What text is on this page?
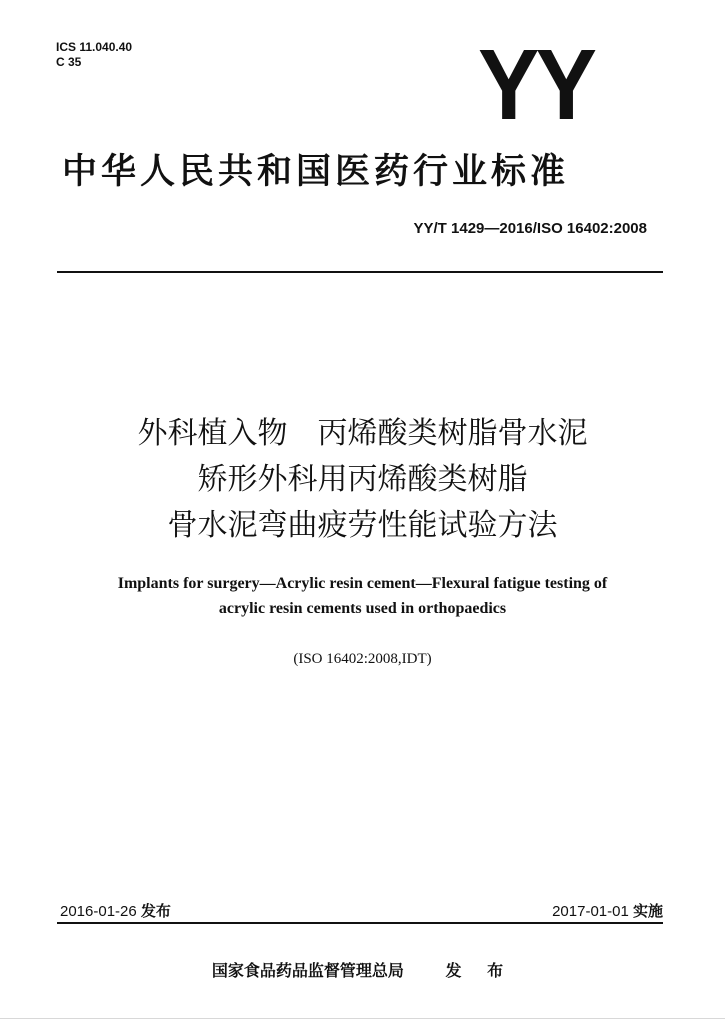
ICS 11.040.40
C 35	YY
中华人民共和国医药行业标准
YY/T 1429—2016/ISO 16402:2008
外科植入物　丙烯酸类树脂骨水泥
矫形外科用丙烯酸类树脂
骨水泥弯曲疲劳性能试验方法
Implants for surgery—Acrylic resin cement—Flexural fatigue testing of
acrylic resin cements used in orthopaedics
(ISO 16402:2008,IDT)
2016-01-26 发布	2017-01-01 实施
国家食品药品监督管理总局	发 布
